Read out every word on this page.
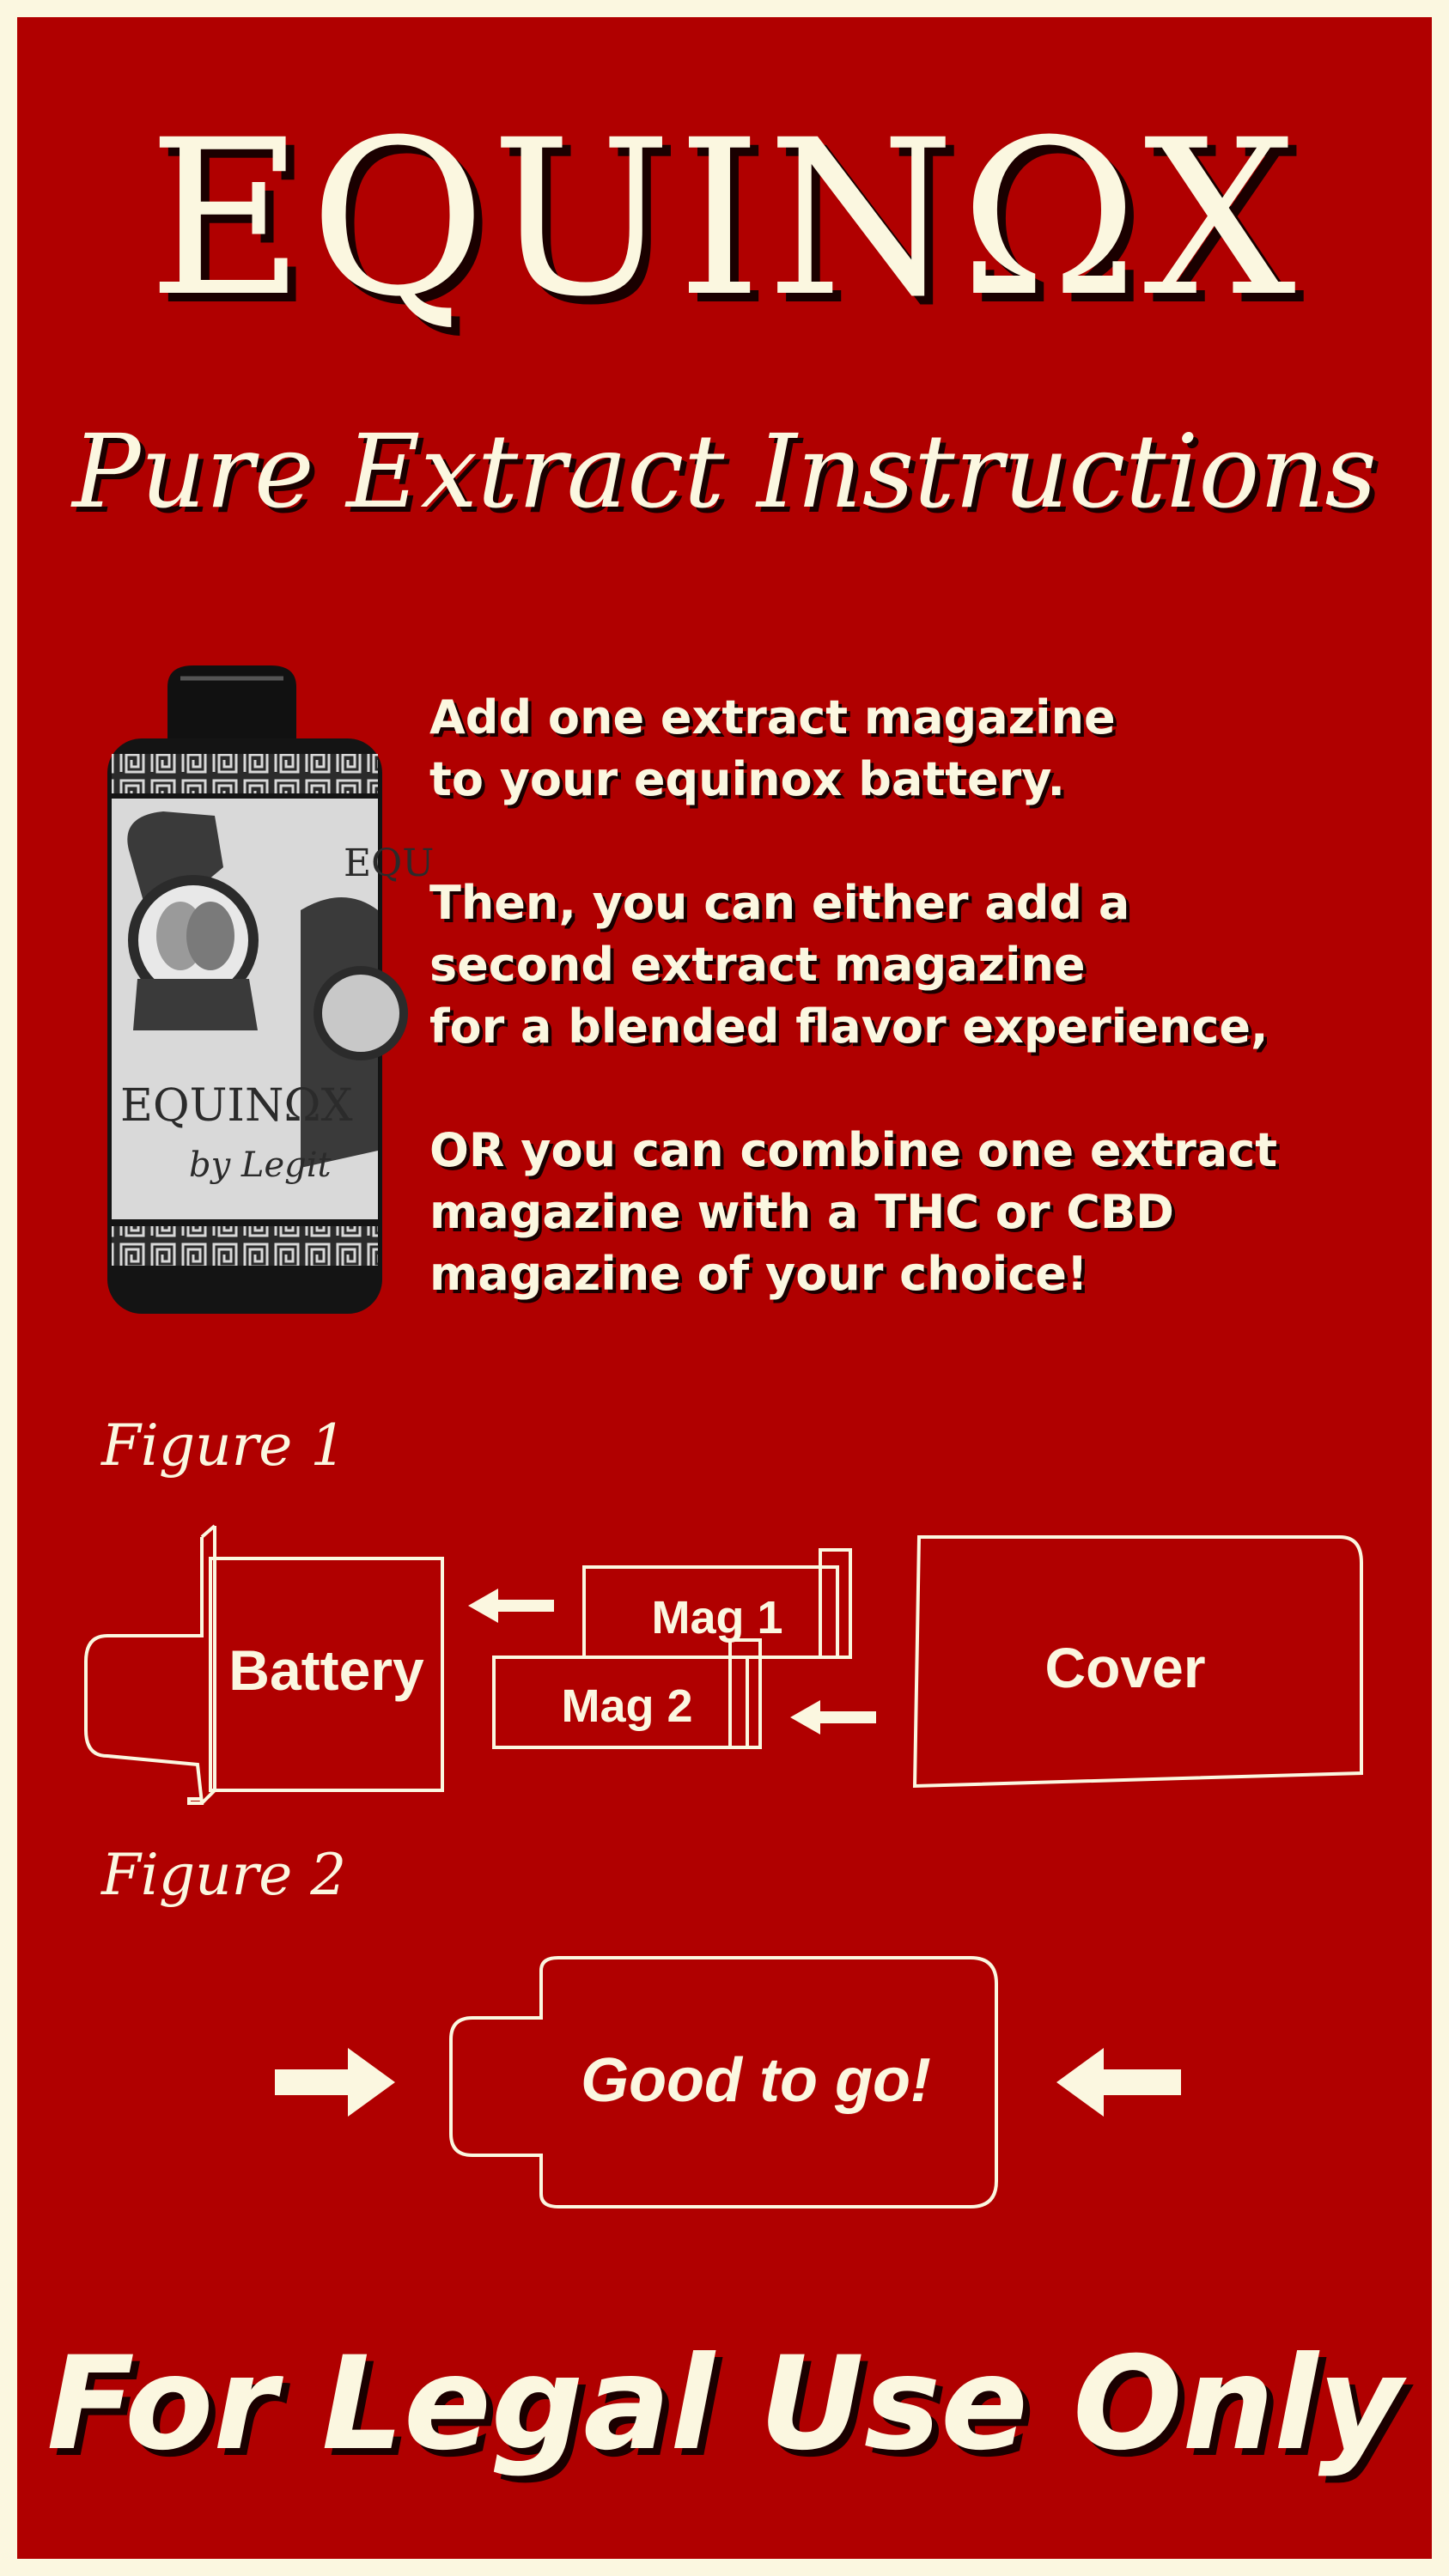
EQUINΩX
Pure Extract Instructions
EQU
EQUINΩX
by Legit
Add one extract magazine
to your equinox battery.
Then, you can either add a
second extract magazine
for a blended flavor experience,
OR you can combine one extract
magazine with a THC or CBD
magazine of your choice!
Figure 1
Battery
Mag 1
Mag 2
Cover
Figure 2
Good to go!
For Legal Use Only
